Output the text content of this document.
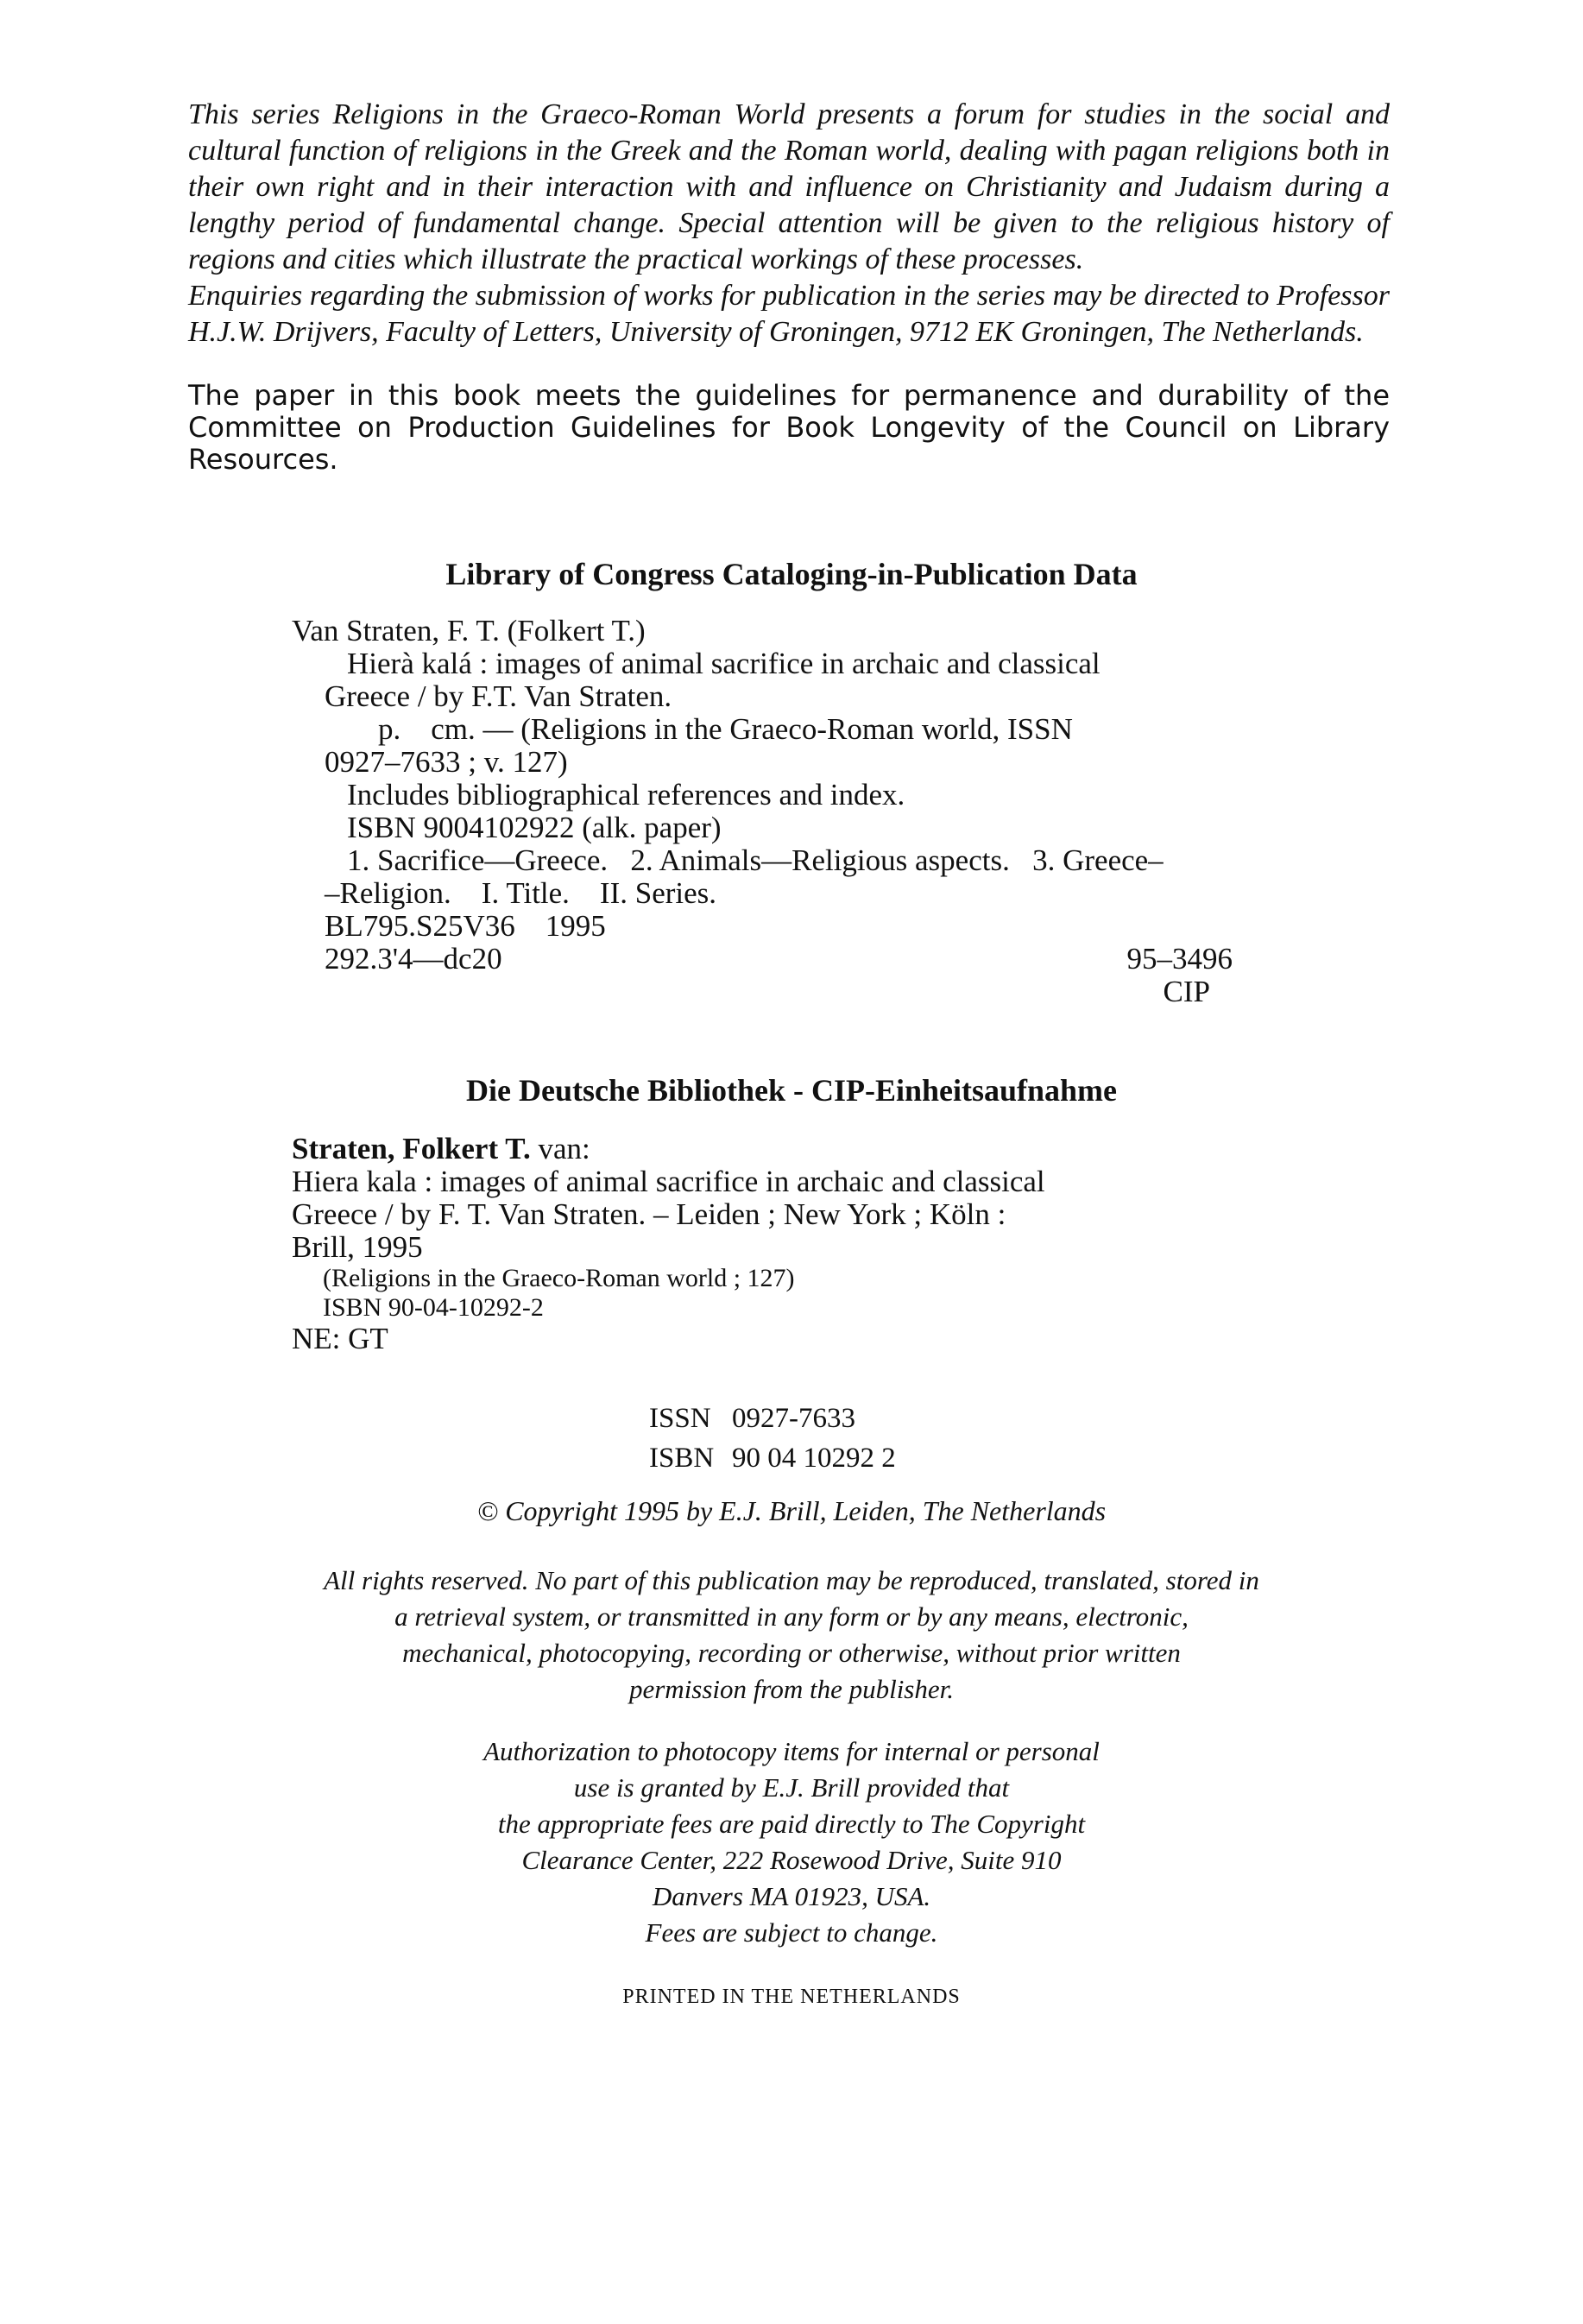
This series Religions in the Graeco-Roman World presents a forum for studies in the social and cultural function of religions in the Greek and the Roman world, dealing with pagan religions both in their own right and in their interaction with and influence on Christianity and Judaism during a lengthy period of fundamental change. Special attention will be given to the religious history of regions and cities which illustrate the practical workings of these processes.

Enquiries regarding the submission of works for publication in the series may be directed to Professor H.J.W. Drijvers, Faculty of Letters, University of Groningen, 9712 EK Groningen, The Netherlands.

The paper in this book meets the guidelines for permanence and durability of the Committee on Production Guidelines for Book Longevity of the Council on Library Resources.

Library of Congress Cataloging-in-Publication Data
Van Straten, F. T. (Folkert T.)
Hierà kalá : images of animal sacrifice in archaic and classical
Greece / by F.T. Van Straten.
p.    cm. — (Religions in the Graeco-Roman world, ISSN
0927–7633 ; v. 127)
Includes bibliographical references and index.
ISBN 9004102922 (alk. paper)
1. Sacrifice—Greece.   2. Animals—Religious aspects.   3. Greece–
–Religion.    I. Title.    II. Series.
BL795.S25V36    1995
292.3'4—dc20	95–3496
CIP
Die Deutsche Bibliothek - CIP-Einheitsaufnahme
Straten, Folkert T. van:
Hiera kala : images of animal sacrifice in archaic and classical
Greece / by F. T. Van Straten. – Leiden ; New York ; Köln :
Brill, 1995
(Religions in the Graeco-Roman world ; 127)
ISBN 90-04-10292-2
NE: GT
ISSN 0927-7633
ISBN 90 04 10292 2
© Copyright 1995 by E.J. Brill, Leiden, The Netherlands
All rights reserved. No part of this publication may be reproduced, translated, stored in
a retrieval system, or transmitted in any form or by any means, electronic,
mechanical, photocopying, recording or otherwise, without prior written
permission from the publisher.
Authorization to photocopy items for internal or personal
use is granted by E.J. Brill provided that
the appropriate fees are paid directly to The Copyright
Clearance Center, 222 Rosewood Drive, Suite 910
Danvers MA 01923, USA.
Fees are subject to change.
PRINTED IN THE NETHERLANDS
